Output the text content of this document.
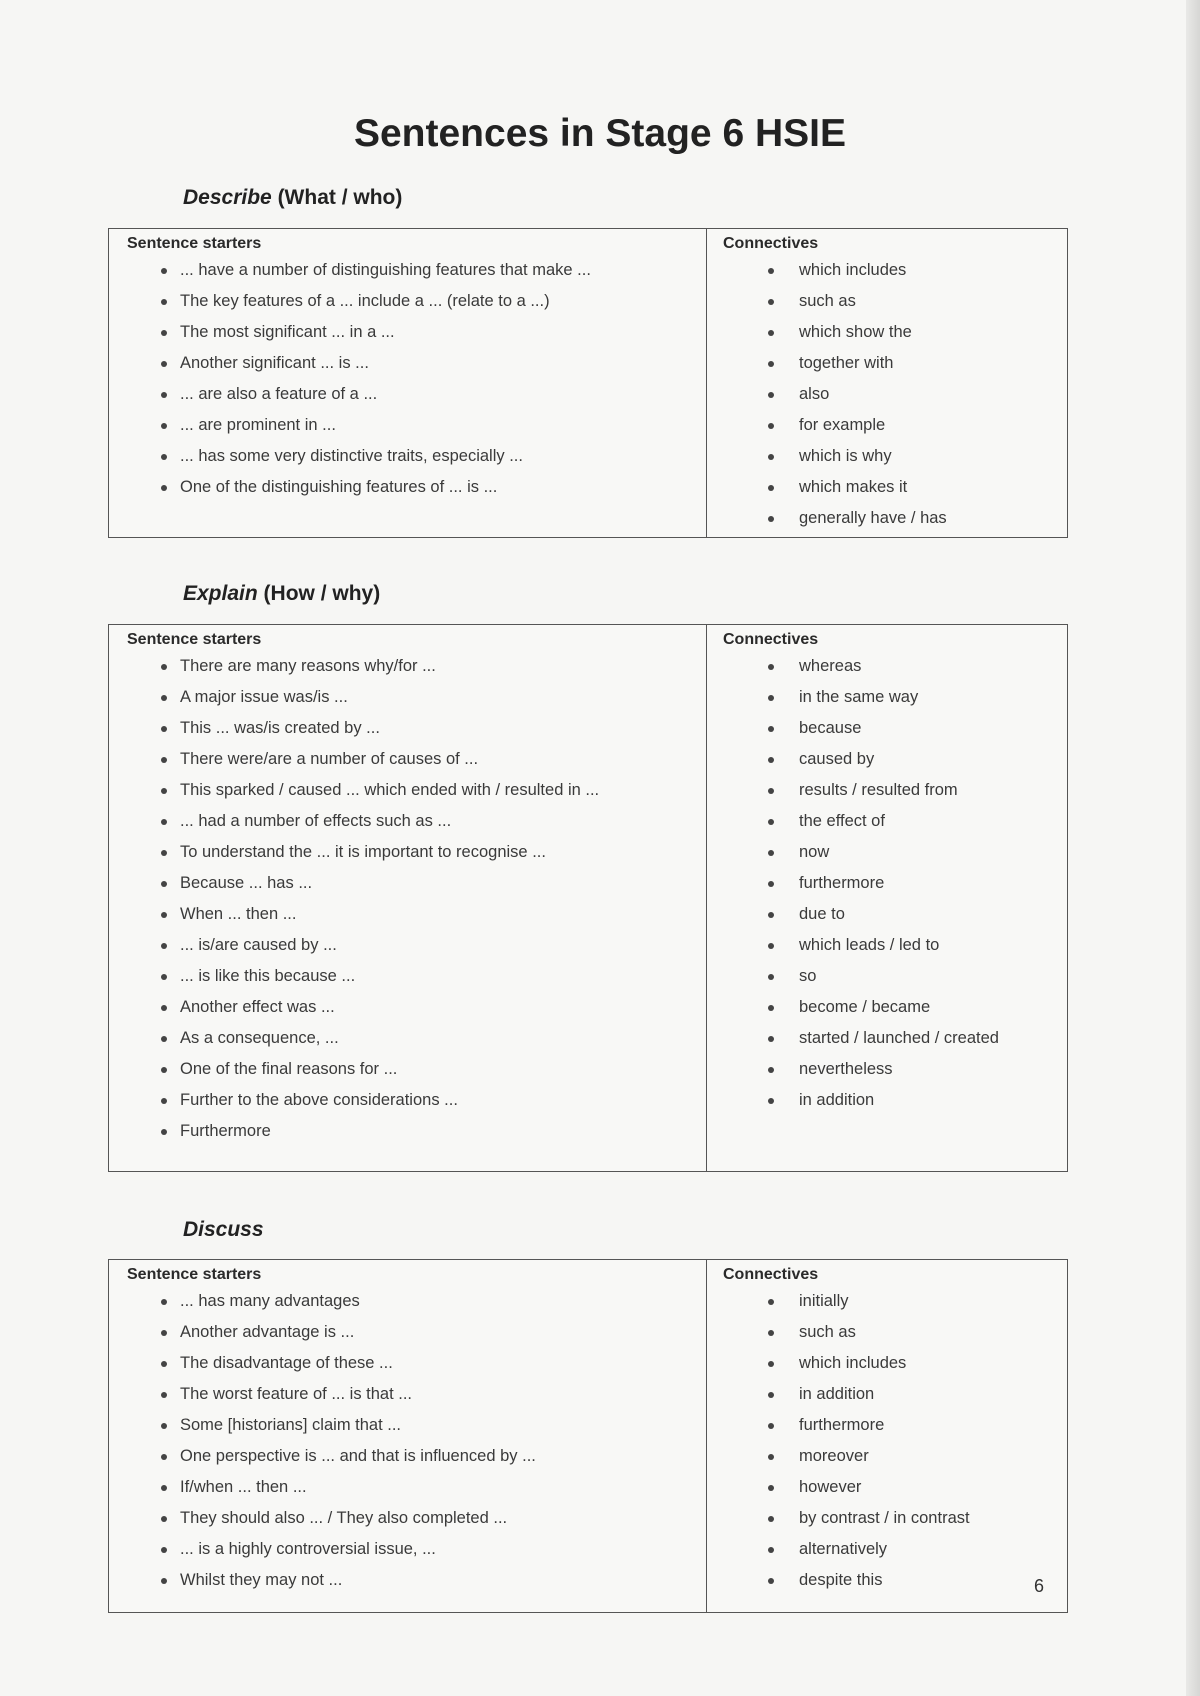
Sentences in Stage 6 HSIE
Describe (What / who)
Sentence starters
... have a number of distinguishing features that make ...
The key features of a ... include a ... (relate to a ...)
The most significant ... in a ...
Another significant ... is ...
... are also a feature of a ...
... are prominent in ...
... has some very distinctive traits, especially ...
One of the distinguishing features of ... is ...
Connectives
which includes
such as
which show the
together with
also
for example
which is why
which makes it
generally have / has
Explain (How / why)
Sentence starters
There are many reasons why/for ...
A major issue was/is ...
This ... was/is created by ...
There were/are a number of causes of ...
This sparked / caused ... which ended with / resulted in ...
... had a number of effects such as ...
To understand the ... it is important to recognise ...
Because ... has ...
When ... then ...
... is/are caused by ...
... is like this because ...
Another effect was ...
As a consequence, ...
One of the final reasons for ...
Further to the above considerations ...
Furthermore
Connectives
whereas
in the same way
because
caused by
results / resulted from
the effect of
now
furthermore
due to
which leads / led to
so
become / became
started / launched / created
nevertheless
in addition
Discuss
Sentence starters
... has many advantages
Another advantage is ...
The disadvantage of these ...
The worst feature of ... is that ...
Some [historians] claim that ...
One perspective is ... and that is influenced by ...
If/when ... then ...
They should also ... / They also completed ...
... is a highly controversial issue, ...
Whilst they may not ...
Connectives
initially
such as
which includes
in addition
furthermore
moreover
however
by contrast / in contrast
alternatively
despite this	6
